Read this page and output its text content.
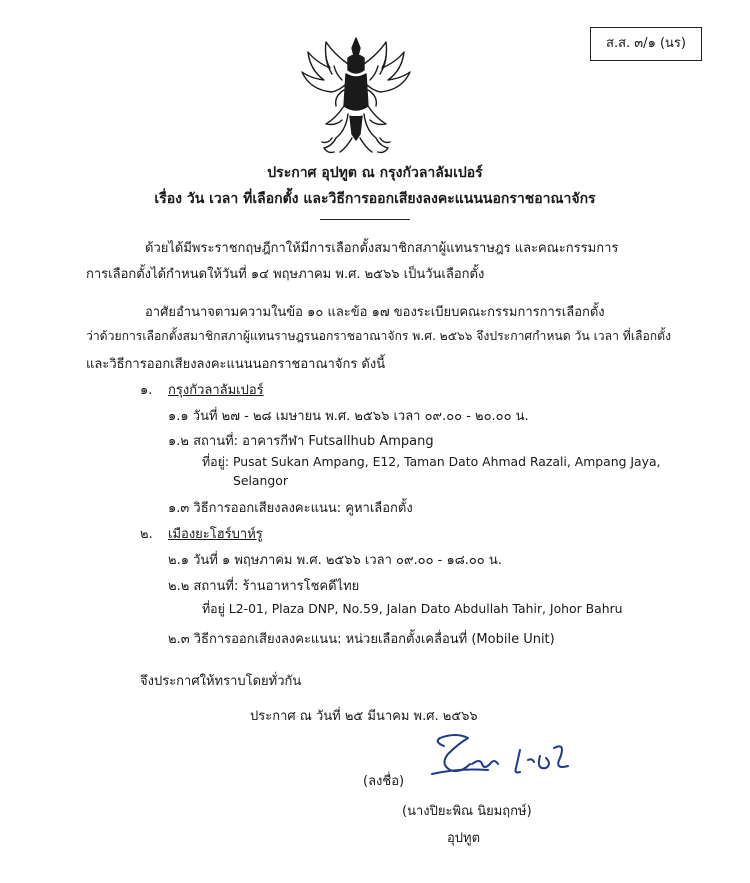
ส.ส. ๓/๑ (นร)
ประกาศ อุปทูต ณ กรุงกัวลาลัมเปอร์
เรื่อง วัน เวลา ที่เลือกตั้ง และวิธีการออกเสียงลงคะแนนนอกราชอาณาจักร
ด้วยได้มีพระราชกฤษฎีกาให้มีการเลือกตั้งสมาชิกสภาผู้แทนราษฎร และคณะกรรมการ
การเลือกตั้งได้กำหนดให้วันที่ ๑๔ พฤษภาคม พ.ศ. ๒๕๖๖ เป็นวันเลือกตั้ง
อาศัยอำนาจตามความในข้อ ๑๐ และข้อ ๑๗ ของระเบียบคณะกรรมการการเลือกตั้ง
ว่าด้วยการเลือกตั้งสมาชิกสภาผู้แทนราษฎรนอกราชอาณาจักร พ.ศ. ๒๕๖๖ จึงประกาศกำหนด วัน เวลา ที่เลือกตั้ง
และวิธีการออกเสียงลงคะแนนนอกราชอาณาจักร ดังนี้
๑. กรุงกัวลาลัมเปอร์
๑.๑ วันที่ ๒๗ - ๒๘ เมษายน พ.ศ. ๒๕๖๖ เวลา ๐๙.๐๐ - ๒๐.๐๐ น.
๑.๒ สถานที่: อาคารกีฬา Futsallhub Ampang
ที่อยู่: Pusat Sukan Ampang, E12, Taman Dato Ahmad Razali, Ampang Jaya,
Selangor
๑.๓ วิธีการออกเสียงลงคะแนน: คูหาเลือกตั้ง
๒. เมืองยะโฮร์บาห์รู
๒.๑ วันที่ ๑ พฤษภาคม พ.ศ. ๒๕๖๖ เวลา ๐๙.๐๐ - ๑๘.๐๐ น.
๒.๒ สถานที่: ร้านอาหารโชคดีไทย
ที่อยู่ L2-01, Plaza DNP, No.59, Jalan Dato Abdullah Tahir, Johor Bahru
๒.๓ วิธีการออกเสียงลงคะแนน: หน่วยเลือกตั้งเคลื่อนที่ (Mobile Unit)
จึงประกาศให้ทราบโดยทั่วกัน
ประกาศ ณ วันที่ ๒๕ มีนาคม พ.ศ. ๒๕๖๖
(ลงชื่อ)
(นางปิยะพิณ นิยมฤกษ์)
อุปทูต
